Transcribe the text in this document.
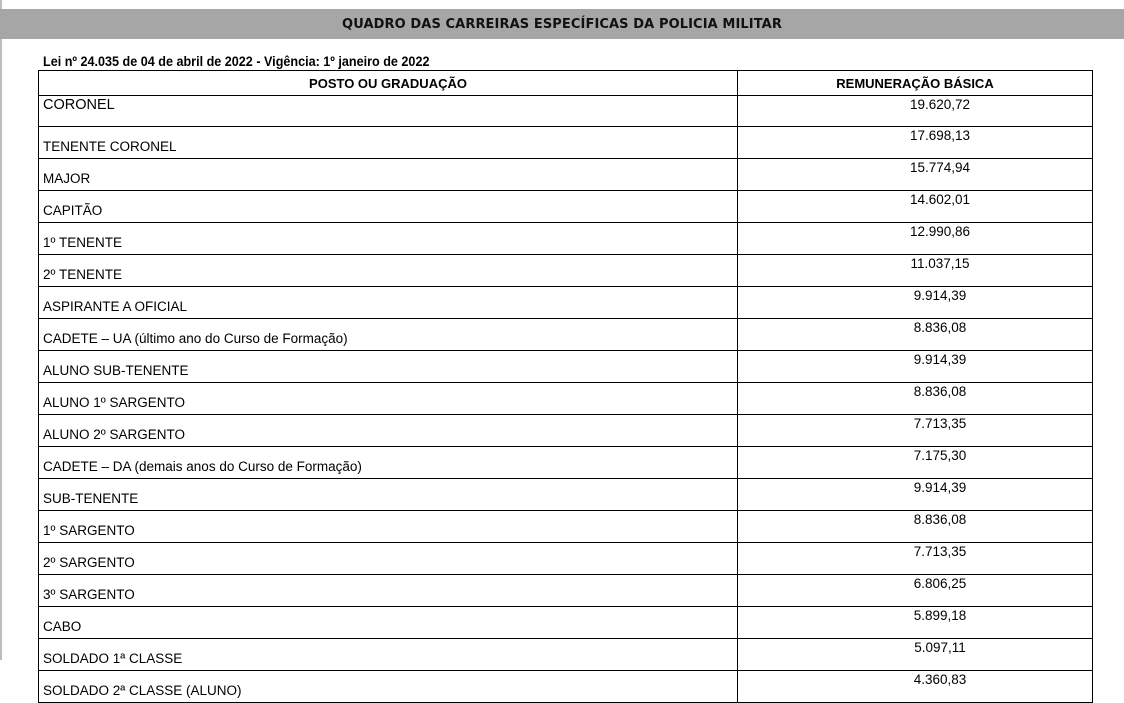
QUADRO DAS CARREIRAS ESPECÍFICAS DA POLICIA MILITAR
Lei nº 24.035 de 04 de abril de 2022 - Vigência: 1º janeiro de 2022
POSTO OU GRADUAÇÃO	REMUNERAÇÃO BÁSICA
CORONEL	19.620,72
TENENTE CORONEL	17.698,13
MAJOR	15.774,94
CAPITÃO	14.602,01
1º TENENTE	12.990,86
2º TENENTE	11.037,15
ASPIRANTE A OFICIAL	9.914,39
CADETE – UA (último ano do Curso de Formação)	8.836,08
ALUNO SUB-TENENTE	9.914,39
ALUNO 1º SARGENTO	8.836,08
ALUNO 2º SARGENTO	7.713,35
CADETE – DA (demais anos do Curso de Formação)	7.175,30
SUB-TENENTE	9.914,39
1º SARGENTO	8.836,08
2º SARGENTO	7.713,35
3º SARGENTO	6.806,25
CABO	5.899,18
SOLDADO 1ª CLASSE	5.097,11
SOLDADO 2ª CLASSE (ALUNO)	4.360,83
